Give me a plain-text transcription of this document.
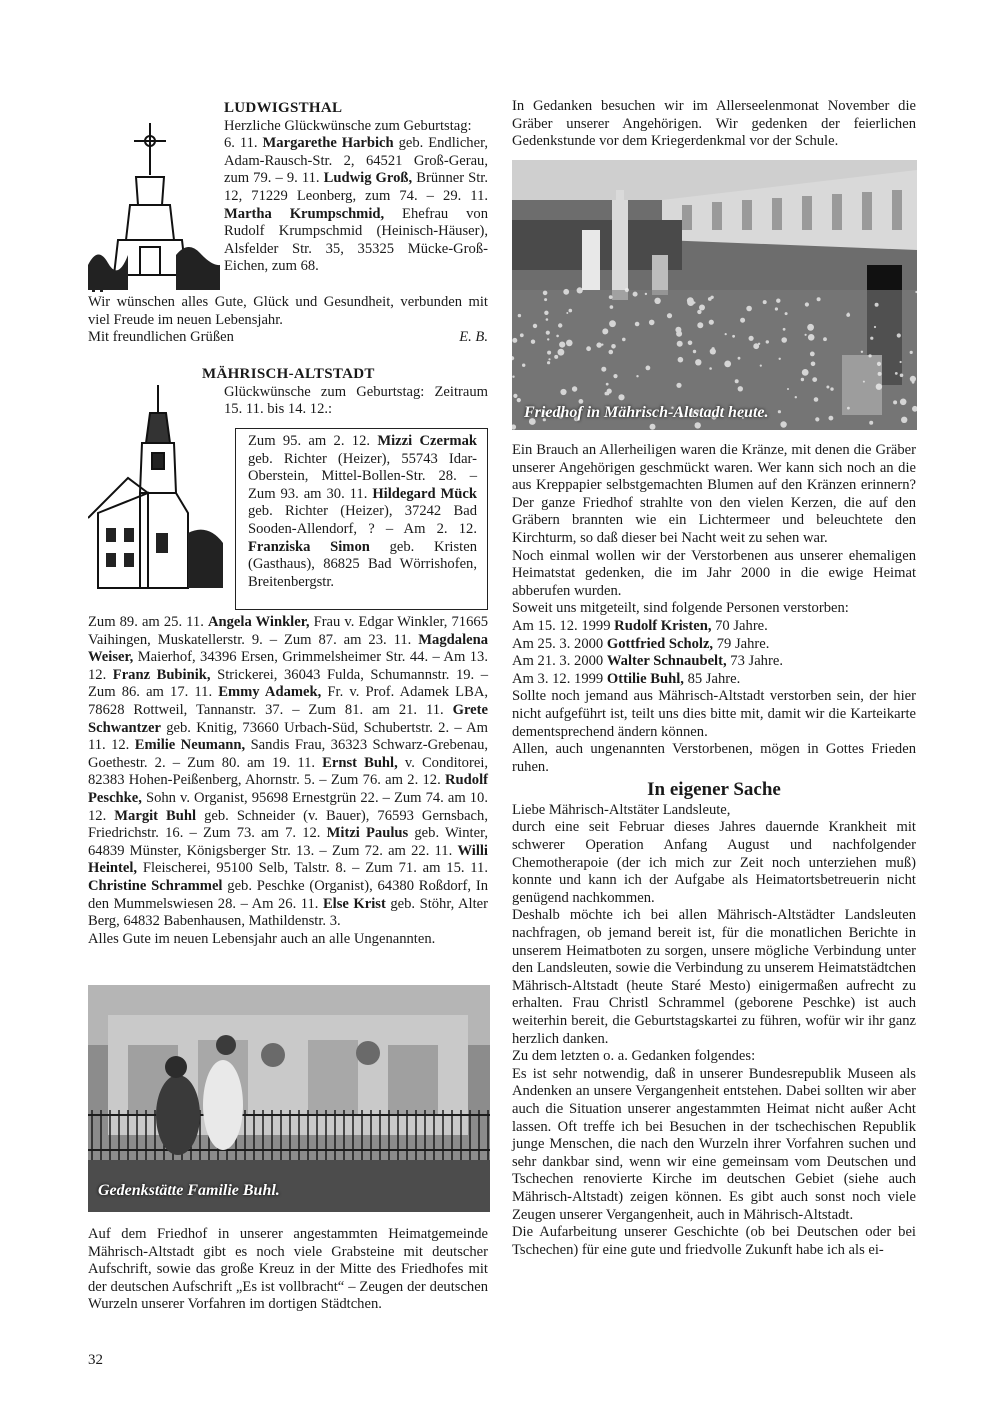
LUDWIGSTHAL

Herzliche Glückwünsche zum Geburtstag:

6. 11. Margarethe Harbich geb. Endlicher, Adam-Rausch-Str. 2, 64521 Groß-Gerau, zum 79. – 9. 11. Ludwig Groß, Brünner Str. 12, 71229 Leonberg, zum 74. – 29. 11. Martha Krumpschmid, Ehefrau von Rudolf Krumpschmid (Heinisch-Häuser), Alsfelder Str. 35, 35325 Mücke-Groß-Eichen, zum 68.

Wir wünschen alles Gute, Glück und Gesundheit, verbunden mit viel Freude im neuen Lebensjahr.

Mit freundlichen Grüßen	E. B.

MÄHRISCH-ALTSTADT

Glückwünsche zum Geburtstag: Zeitraum 15. 11. bis 14. 12.:

Zum 95. am 2. 12. Mizzi Czermak geb. Richter (Heizer), 55743 Idar-Oberstein, Mittel-Bollen-Str. 28. – Zum 93. am 30. 11. Hildegard Mück geb. Richter (Heizer), 37242 Bad Sooden-Allendorf, ? – Am 2. 12. Franziska Simon geb. Kristen (Gasthaus), 86825 Bad Wörrishofen, Breitenbergstr.

Zum 89. am 25. 11. Angela Winkler, Frau v. Edgar Winkler, 71665 Vaihingen, Muskatellerstr. 9. – Zum 87. am 23. 11. Magdalena Weiser, Maierhof, 34396 Ersen, Grimmelsheimer Str. 44. – Am 13. 12. Franz Bubinik, Strickerei, 36043 Fulda, Schumannstr. 19. – Zum 86. am 17. 11. Emmy Adamek, Fr. v. Prof. Adamek LBA, 78628 Rottweil, Tannanstr. 37. – Zum 81. am 21. 11. Grete Schwantzer geb. Knitig, 73660 Urbach-Süd, Schubertstr. 2. – Am 11. 12. Emilie Neumann, Sandis Frau, 36323 Schwarz-Grebenau, Goethestr. 2. – Zum 80. am 19. 11. Ernst Buhl, v. Conditorei, 82383 Hohen-Peißenberg, Ahornstr. 5. – Zum 76. am 2. 12. Rudolf Peschke, Sohn v. Organist, 95698 Ernestgrün 22. – Zum 74. am 10. 12. Margit Buhl geb. Schneider (v. Bauer), 76593 Gernsbach, Friedrichstr. 16. – Zum 73. am 7. 12. Mitzi Paulus geb. Winter, 64839 Münster, Königsberger Str. 13. – Zum 72. am 22. 11. Willi Heintel, Fleischerei, 95100 Selb, Talstr. 8. – Zum 71. am 15. 11. Christine Schrammel geb. Peschke (Organist), 64380 Roßdorf, In den Mummelswiesen 28. – Am 26. 11. Else Krist geb. Stöhr, Alter Berg, 64832 Babenhausen, Mathildenstr. 3.

Alles Gute im neuen Lebensjahr auch an alle Ungenannten.

Gedenkstätte Familie Buhl.

Auf dem Friedhof in unserer angestammten Heimatgemeinde Mährisch-Altstadt gibt es noch viele Grabsteine mit deutscher Aufschrift, sowie das große Kreuz in der Mitte des Friedhofes mit der deutschen Aufschrift „Es ist vollbracht“ – Zeugen der deutschen Wurzeln unserer Vorfahren im dortigen Städtchen.

32

In Gedanken besuchen wir im Allerseelenmonat November die Gräber unserer Angehörigen. Wir gedenken der feierlichen Gedenkstunde vor dem Kriegerdenkmal vor der Schule.

Friedhof in Mährisch-Altstadt heute.

Ein Brauch an Allerheiligen waren die Kränze, mit denen die Gräber unserer Angehörigen geschmückt waren. Wer kann sich noch an die aus Kreppapier selbstgemachten Blumen auf den Kränzen erinnern? Der ganze Friedhof strahlte von den vielen Kerzen, die auf den Gräbern brannten wie ein Lichtermeer und beleuchtete den Kirchturm, so daß dieser bei Nacht weit zu sehen war.

Noch einmal wollen wir der Verstorbenen aus unserer ehemaligen Heimatstat gedenken, die im Jahr 2000 in die ewige Heimat abberufen wurden.

Soweit uns mitgeteilt, sind folgende Personen verstorben:

Am 15. 12. 1999 Rudolf Kristen, 70 Jahre.

Am 25. 3. 2000 Gottfried Scholz, 79 Jahre.

Am 21. 3. 2000 Walter Schnaubelt, 73 Jahre.

Am 3. 12. 1999 Ottilie Buhl, 85 Jahre.

Sollte noch jemand aus Mährisch-Altstadt verstorben sein, der hier nicht aufgeführt ist, teilt uns dies bitte mit, damit wir die Karteikarte dementsprechend ändern können.

Allen, auch ungenannten Verstorbenen, mögen in Gottes Frieden ruhen.

In eigener Sache

Liebe Mährisch-Altstäter Landsleute,

durch eine seit Februar dieses Jahres dauernde Krankheit mit schwerer Operation Anfang August und nachfolgender Chemotherapoie (der ich mich zur Zeit noch unterziehen muß) konnte und kann ich der Aufgabe als Heimatortsbetreuerin nicht genügend nachkommen.

Deshalb möchte ich bei allen Mährisch-Altstädter Landsleuten nachfragen, ob jemand bereit ist, für die monatlichen Berichte in unserem Heimatboten zu sorgen, unsere mögliche Verbindung unter den Landsleuten, sowie die Verbindung zu unserem Heimatstädtchen Mährisch-Altstadt (heute Staré Mesto) einigermaßen aufrecht zu erhalten. Frau Christl Schrammel (geborene Peschke) ist auch weiterhin bereit, die Geburtstagskartei zu führen, wofür wir ihr ganz herzlich danken.

Zu dem letzten o. a. Gedanken folgendes:

Es ist sehr notwendig, daß in unserer Bundesrepublik Museen als Andenken an unsere Vergangenheit entstehen. Dabei sollten wir aber auch die Situation unserer angestammten Heimat nicht außer Acht lassen. Oft treffe ich bei Besuchen in der tschechischen Republik junge Menschen, die nach den Wurzeln ihrer Vorfahren suchen und sehr dankbar sind, wenn wir eine gemeinsam vom Deutschen und Tschechen renovierte Kirche im deutschen Gebiet (siehe auch Mährisch-Altstadt) zeigen können. Es gibt auch sonst noch viele Zeugen unserer Vergangenheit, auch in Mährisch-Altstadt.

Die Aufarbeitung unserer Geschichte (ob bei Deutschen oder bei Tschechen) für eine gute und friedvolle Zukunft habe ich als ei-
